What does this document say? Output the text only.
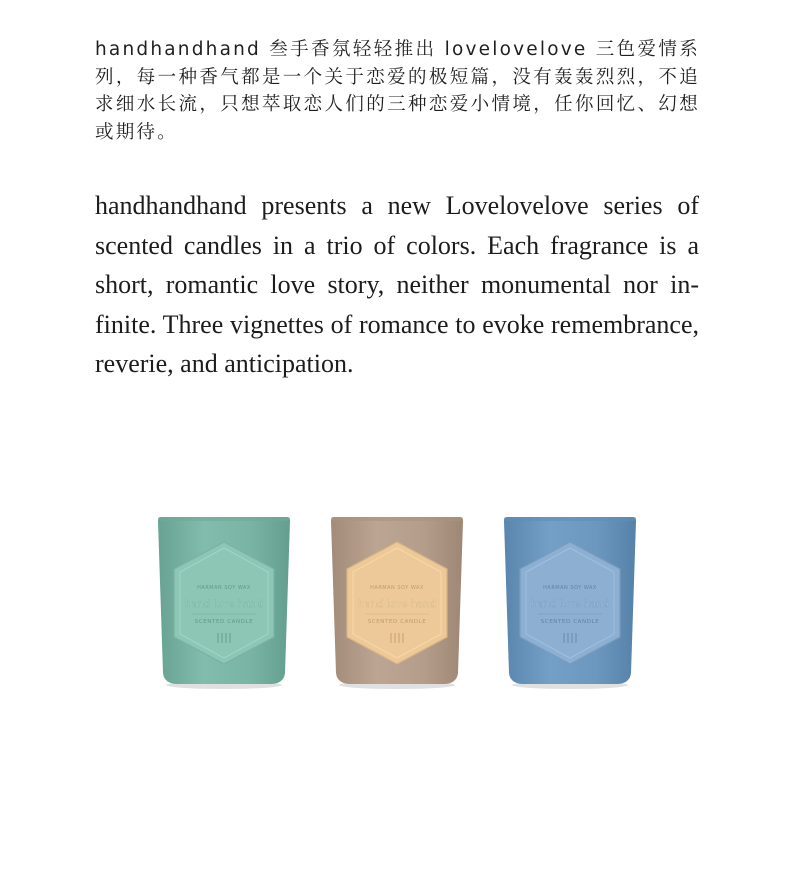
handhandhand 叁手香氛轻轻推出 lovelovelove 三色爱情系列，每一种香气都是一个关于恋爱的极短篇，没有轰轰烈烈，不追求细水长流，只想萃取恋人们的三种恋爱小情境，任你回忆、幻想或期待。

handhandhand presents a new Lovelovelove series of scented candles in a trio of colors. Each fragrance is a short, romantic love story, neither monumental nor infinite. Three vignettes of romance to evoke remembrance, reverie, and anticipation.

HARMAN SOY WAX
hand love hand
SCENTED CANDLE
HARMAN SOY WAX
hand love hand
SCENTED CANDLE
HARMAN SOY WAX
hand love hand
SCENTED CANDLE
